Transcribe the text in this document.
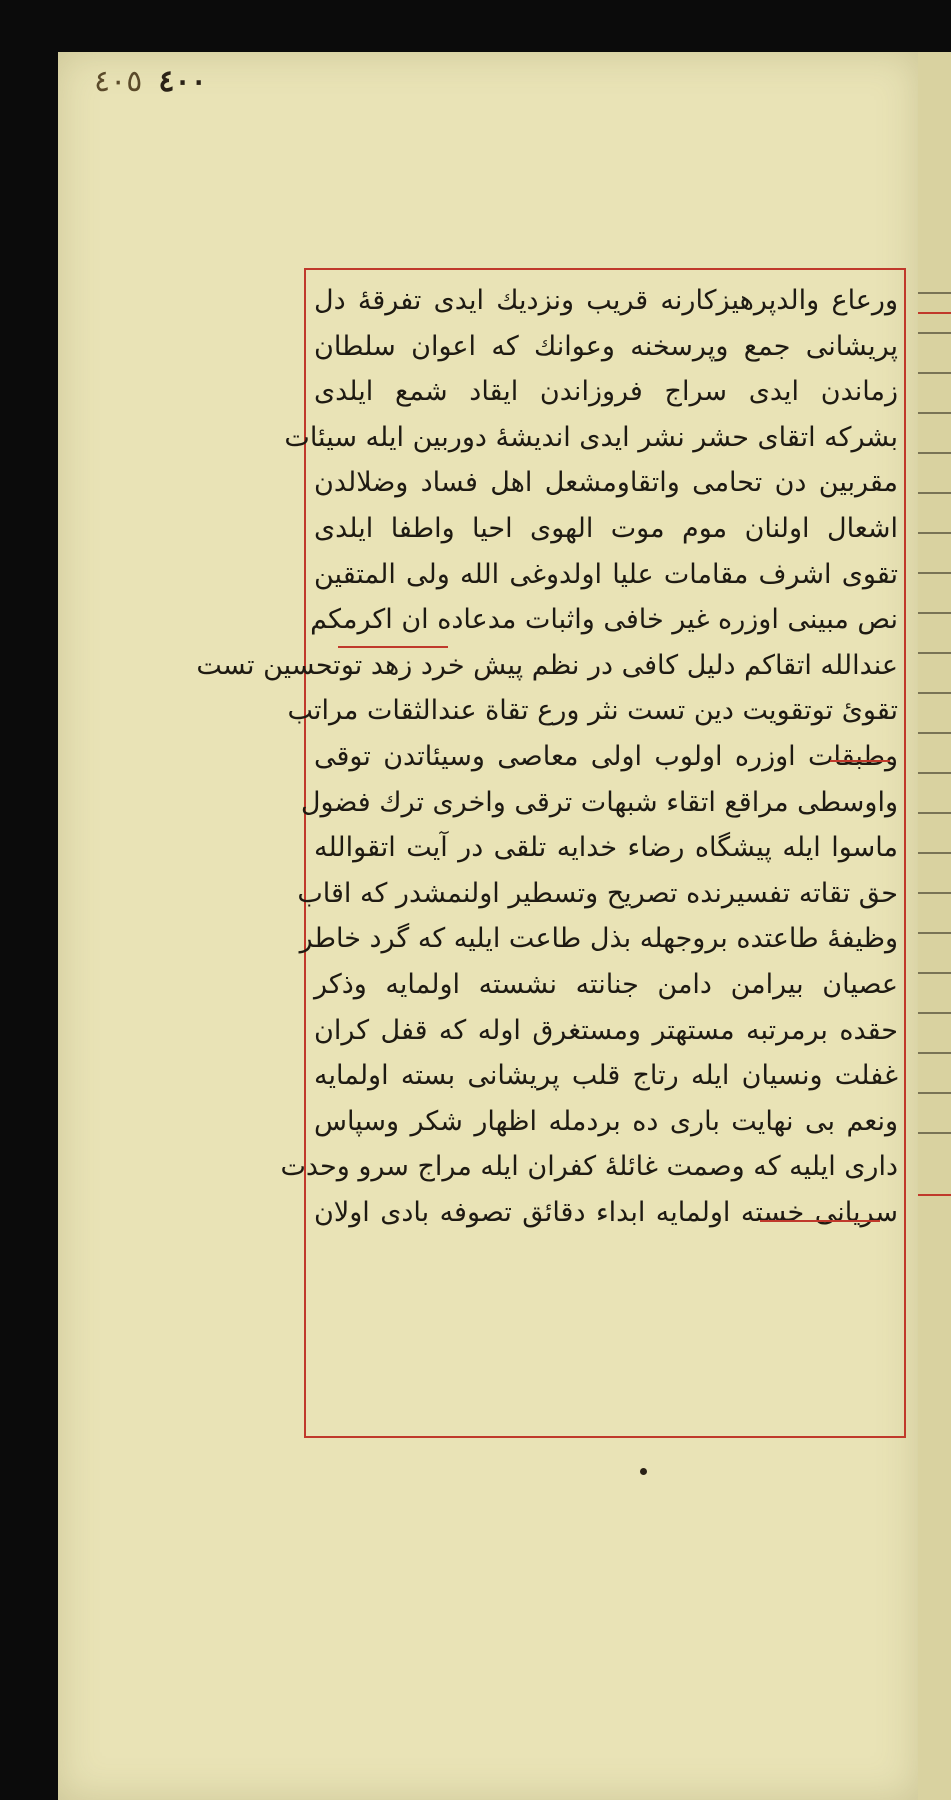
٤٠٠
٤٠٥
ورعاع والدپرهیزکارنه قریب ونزدیك ایدی تفرقهٔ دل
پریشانی جمع وپرسخنه وعوانك كه اعوان سلطان
زماندن ایدی سراج فروزاندن ایقاد شمع ایلدی
بشرکه اتقای حشر نشر ایدی اندیشهٔ دوربین ایله سیئات
مقربین دن تحامی واتقاومشعل اهل فساد وضلالدن
اشعال اولنان موم موت الهوی احیا واطفا ایلدی
تقوی اشرف مقامات علیا اولدوغی الله ولی المتقین
نص مبینی اوزره غیر خافی واثبات مدعاده ان اکرمکم
عندالله اتقاکم دلیل کافی در نظم پیش خرد زهد توتحسین تست
تقوئ توتقویت دین تست نثر ورع تقاة عندالثقات مراتب
وطبقات اوزره اولوب اولی معاصی وسیئاتدن توقی
واوسطی مراقع اتقاء شبهات ترقی واخری ترك فضول
ماسوا ایله پیشگاه رضاء خدایه تلقی در آیت اتقوالله
حق تقاته تفسیرنده تصریح وتسطیر اولنمشدر که اقاب
وظیفهٔ طاعتده بروجهله بذل طاعت ایلیه که گرد خاطر
عصیان بیرامن دامن جنانته نشسته اولمایه وذکر
حقده برمرتبه مستهتر ومستغرق اوله که قفل کران
غفلت ونسیان ایله رتاج قلب پریشانی بسته اولمایه
ونعم بی نهایت باری ده بردمله اظهار شکر وسپاس
داری ایلیه که وصمت غائلهٔ کفران ایله مراج سرو وحدت
سریانی خسته اولمایه ابداء دقائق تصوفه بادی اولان
